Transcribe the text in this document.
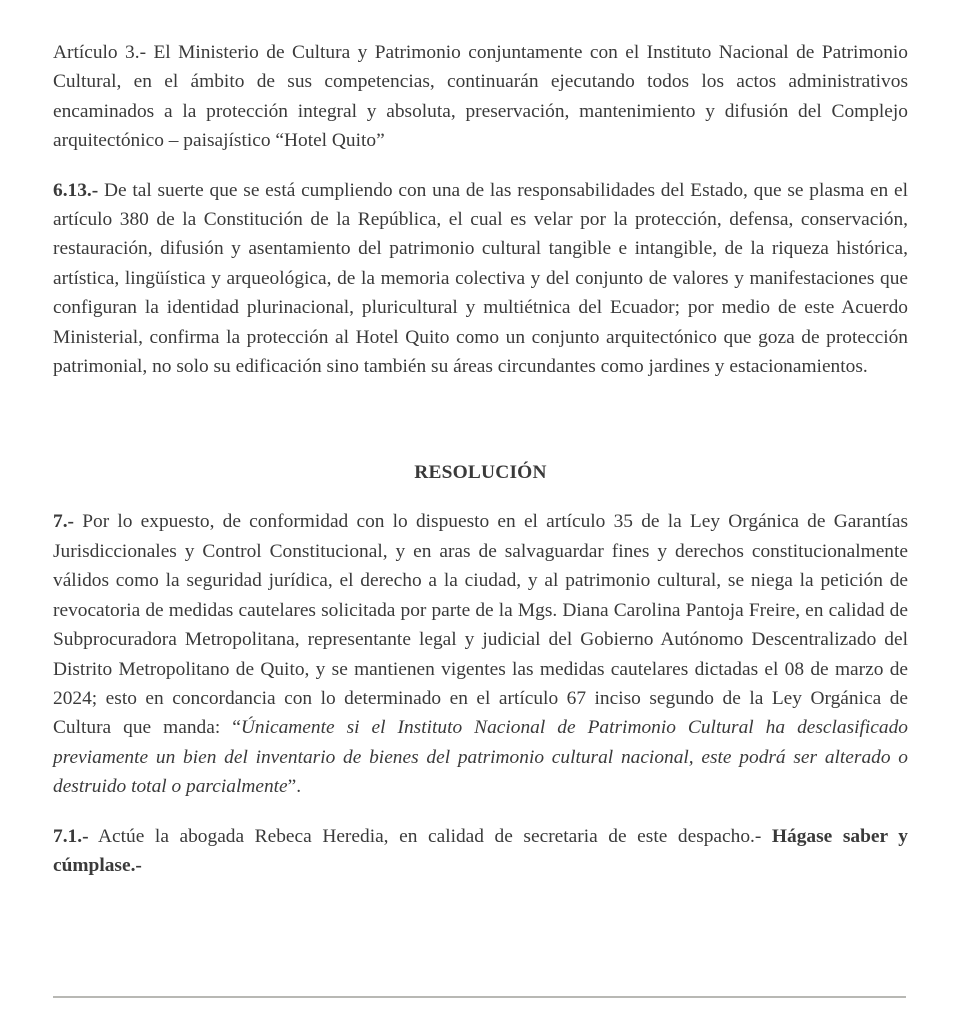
Artículo 3.- El Ministerio de Cultura y Patrimonio conjuntamente con el Instituto Nacional de Patrimonio Cultural, en el ámbito de sus competencias, continuarán ejecutando todos los actos administrativos encaminados a la protección integral y absoluta, preservación, mantenimiento y difusión del Complejo arquitectónico – paisajístico “Hotel Quito”

6.13.- De tal suerte que se está cumpliendo con una de las responsabilidades del Estado, que se plasma en el artículo 380 de la Constitución de la República, el cual es velar por la protección, defensa, conservación, restauración, difusión y asentamiento del patrimonio cultural tangible e intangible, de la riqueza histórica, artística, lingüística y arqueológica, de la memoria colectiva y del conjunto de valores y manifestaciones que configuran la identidad plurinacional, pluricultural y multiétnica del Ecuador; por medio de este Acuerdo Ministerial, confirma la protección al Hotel Quito como un conjunto arquitectónico que goza de protección patrimonial, no solo su edificación sino también su áreas circundantes como jardines y estacionamientos.

RESOLUCIÓN

7.- Por lo expuesto, de conformidad con lo dispuesto en el artículo 35 de la Ley Orgánica de Garantías Jurisdiccionales y Control Constitucional, y en aras de salvaguardar fines y derechos constitucionalmente válidos como la seguridad jurídica, el derecho a la ciudad, y al patrimonio cultural, se niega la petición de revocatoria de medidas cautelares solicitada por parte de la Mgs. Diana Carolina Pantoja Freire, en calidad de Subprocuradora Metropolitana, representante legal y judicial del Gobierno Autónomo Descentralizado del Distrito Metropolitano de Quito, y se mantienen vigentes las medidas cautelares dictadas el 08 de marzo de 2024; esto en concordancia con lo determinado en el artículo 67 inciso segundo de la Ley Orgánica de Cultura que manda: “Únicamente si el Instituto Nacional de Patrimonio Cultural ha desclasificado previamente un bien del inventario de bienes del patrimonio cultural nacional, este podrá ser alterado o destruido total o parcialmente”.

7.1.- Actúe la abogada Rebeca Heredia, en calidad de secretaria de este despacho.- Hágase saber y cúmplase.-
